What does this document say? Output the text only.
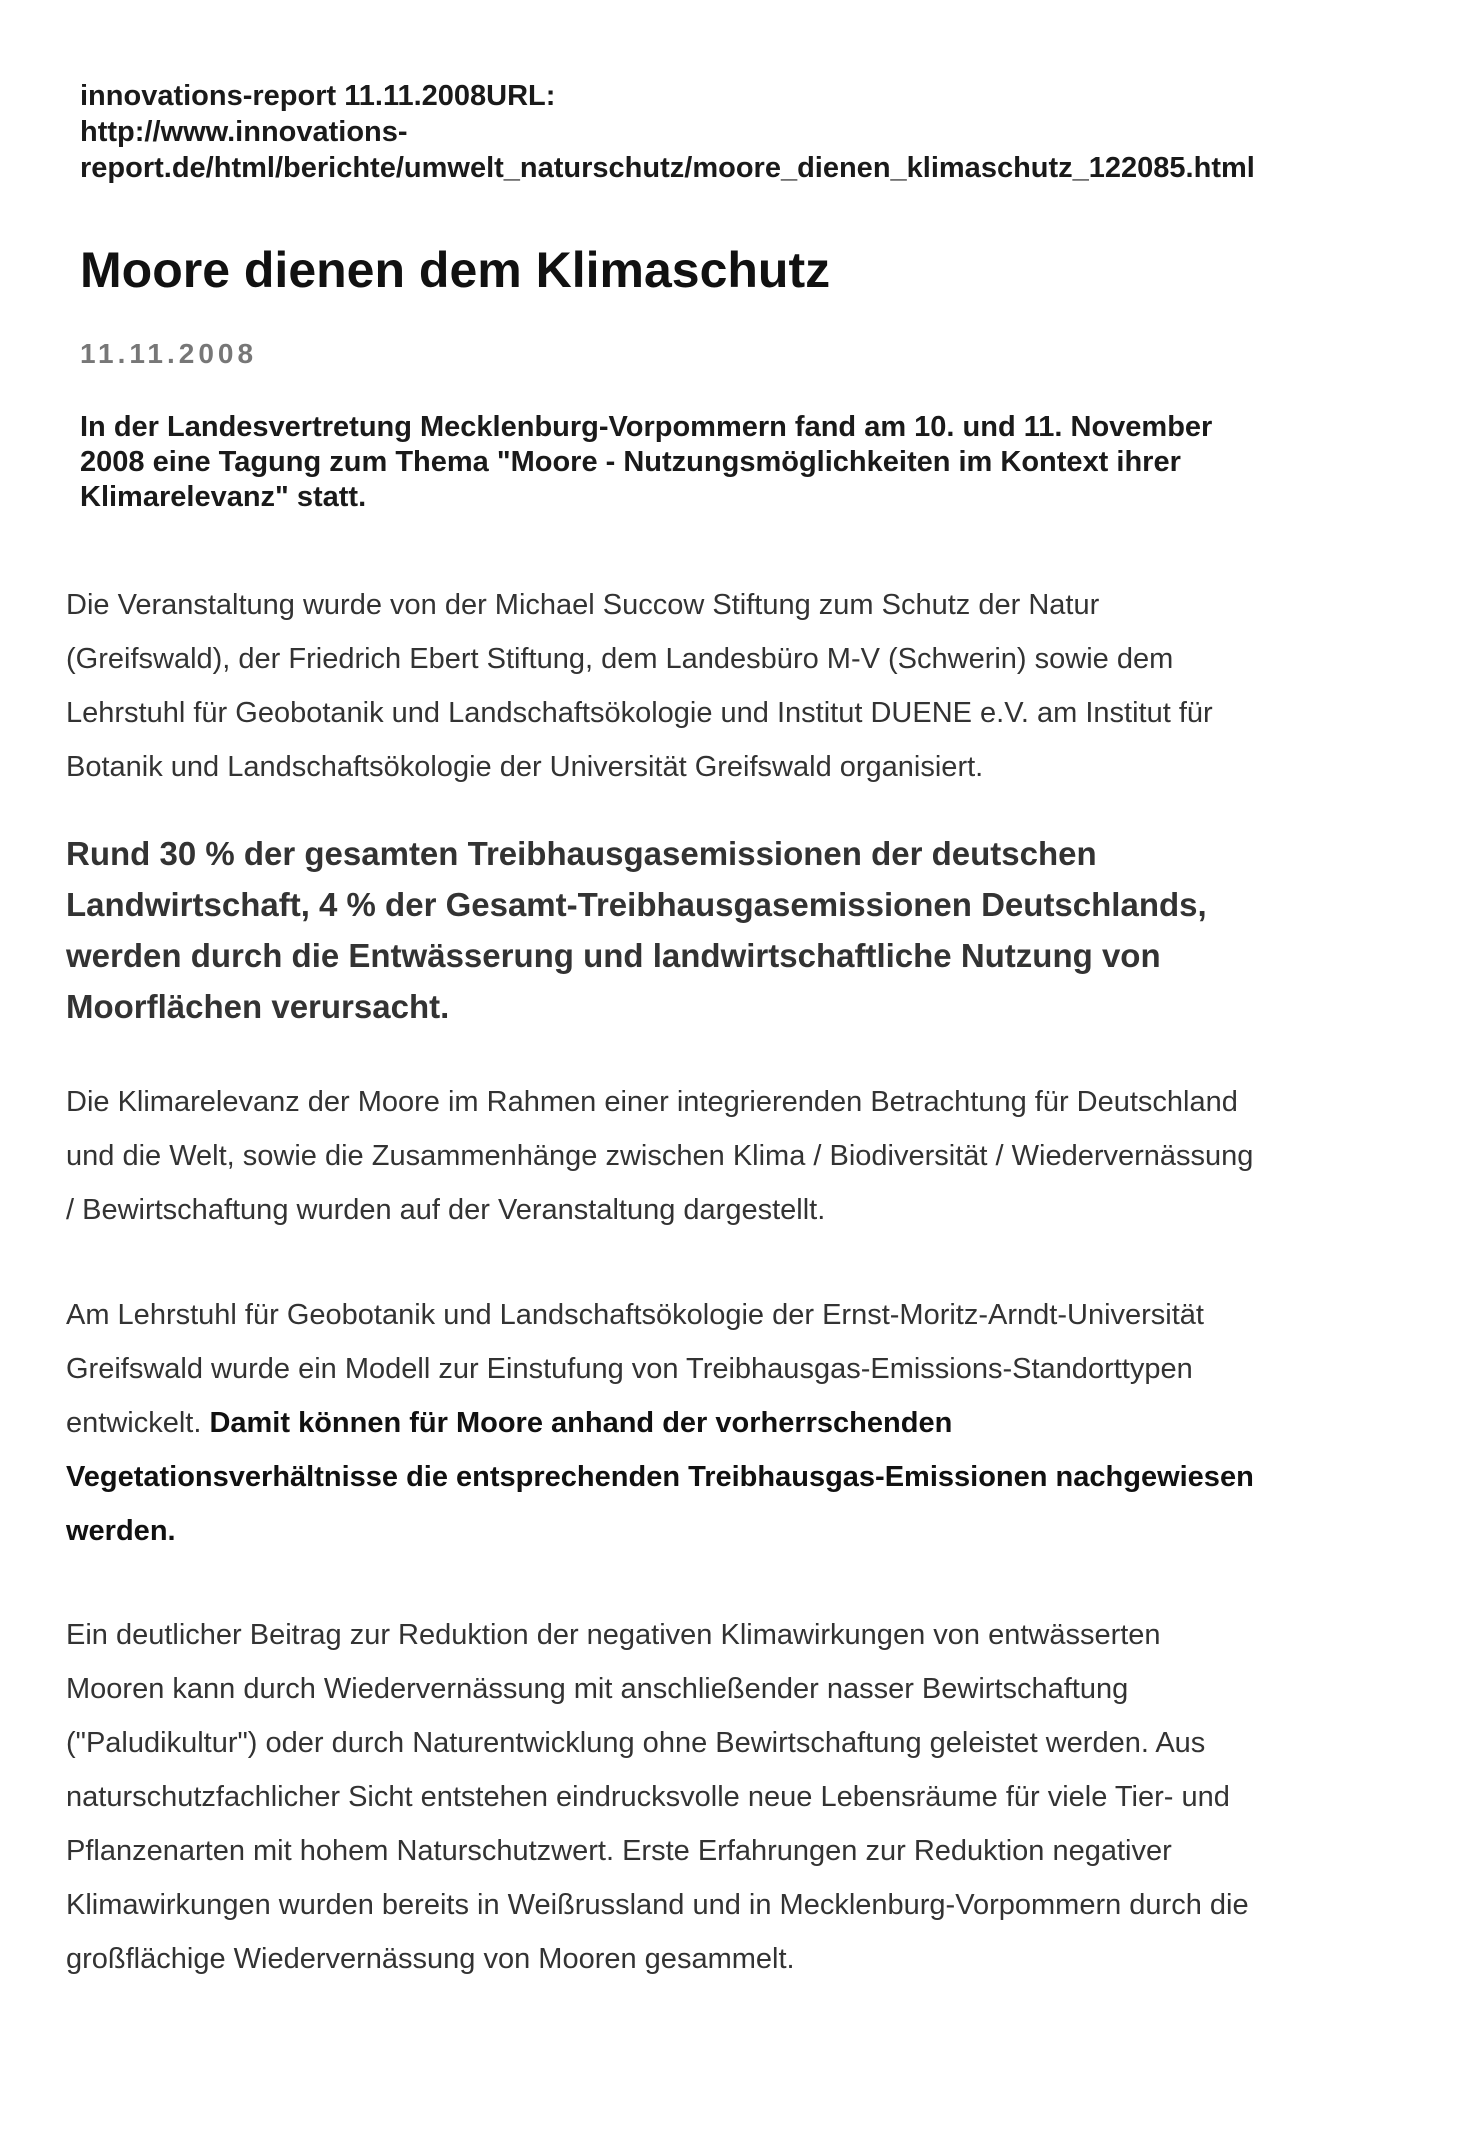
innovations-report 11.11.2008URL:
http://www.innovations-
report.de/html/berichte/umwelt_naturschutz/moore_dienen_klimaschutz_122085.html
Moore dienen dem Klimaschutz
11.11.2008
In der Landesvertretung Mecklenburg-Vorpommern fand am 10. und 11. November
2008 eine Tagung zum Thema "Moore - Nutzungsmöglichkeiten im Kontext ihrer
Klimarelevanz" statt.
Die Veranstaltung wurde von der Michael Succow Stiftung zum Schutz der Natur
(Greifswald), der Friedrich Ebert Stiftung, dem Landesbüro M-V (Schwerin) sowie dem
Lehrstuhl für Geobotanik und Landschaftsökologie und Institut DUENE e.V. am Institut für
Botanik und Landschaftsökologie der Universität Greifswald organisiert.
Rund 30 % der gesamten Treibhausgasemissionen der deutschen
Landwirtschaft, 4 % der Gesamt-Treibhausgasemissionen Deutschlands,
werden durch die Entwässerung und landwirtschaftliche Nutzung von
Moorflächen verursacht.
Die Klimarelevanz der Moore im Rahmen einer integrierenden Betrachtung für Deutschland
und die Welt, sowie die Zusammenhänge zwischen Klima / Biodiversität / Wiedervernässung
/ Bewirtschaftung wurden auf der Veranstaltung dargestellt.
Am Lehrstuhl für Geobotanik und Landschaftsökologie der Ernst-Moritz-Arndt-Universität
Greifswald wurde ein Modell zur Einstufung von Treibhausgas-Emissions-Standorttypen
entwickelt. Damit können für Moore anhand der vorherrschenden
Vegetationsverhältnisse die entsprechenden Treibhausgas-Emissionen nachgewiesen
werden.
Ein deutlicher Beitrag zur Reduktion der negativen Klimawirkungen von entwässerten
Mooren kann durch Wiedervernässung mit anschließender nasser Bewirtschaftung
("Paludikultur") oder durch Naturentwicklung ohne Bewirtschaftung geleistet werden. Aus
naturschutzfachlicher Sicht entstehen eindrucksvolle neue Lebensräume für viele Tier- und
Pflanzenarten mit hohem Naturschutzwert. Erste Erfahrungen zur Reduktion negativer
Klimawirkungen wurden bereits in Weißrussland und in Mecklenburg-Vorpommern durch die
großflächige Wiedervernässung von Mooren gesammelt.
